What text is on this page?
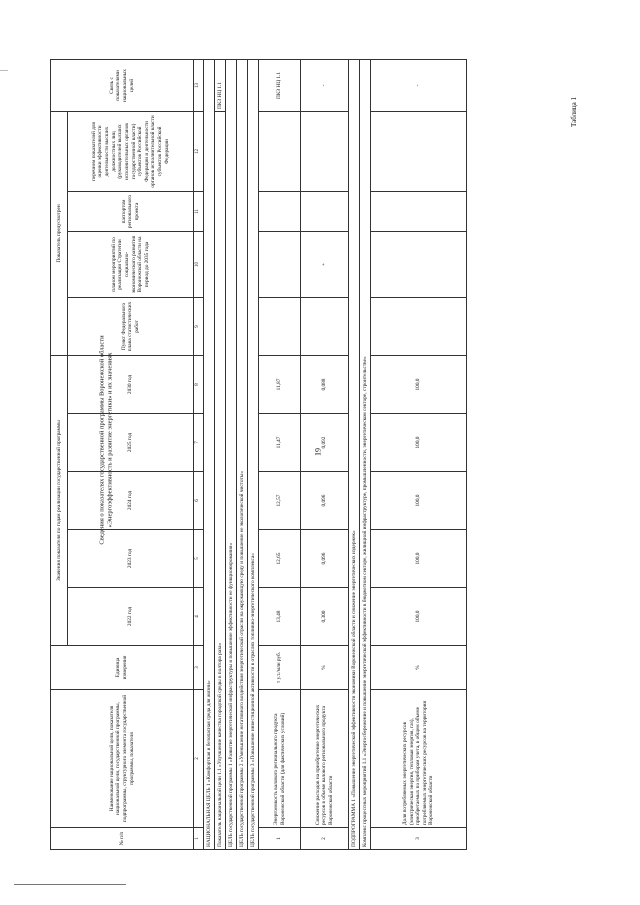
19
Таблица 1
Сведения о показателях государственной программы Воронежской области «Энергоэффективность и развитие энергетики» и их значениях
№ п/п	Наименование национальной цели, показателя национальной цели, государственной программы, подпрограммы, структурного элемента государственной программы, показателя	Единица измерения	Значения показателя по годам реализации государственной программы					Показатель предусмотрен				Связь с показателями национальных целей
			2022 год	2023 год	2024 год	2025 год	2030 год	Пункт Федерального плана статистических работ	планом мероприятий по реализации Стратегии социально-экономического развития Воронежской области на период до 2035 года	паспортом регионального проекта	перечнем показателей для оценки эффективности деятельности высших должностных лиц (руководителей высших исполнительных органов государственной власти) субъектов Российской Федерации и деятельности органов исполнительной власти субъектов Российской Федерации	
1	2	3	4	5	6	7	8	9	10	11	12	13
НАЦИОНАЛЬНАЯ ЦЕЛЬ 1 «Комфортная и безопасная среда для жизни»												
Показатель национальной цели 1.1 «Улучшение качества городской среды в полтора раза»												ПКЗ НЦ 1.1
ЦЕЛЬ государственной программы 1 «Развитие энергетической инфраструктуры и повышение эффективности ее функционирования»												
ЦЕЛЬ государственной программы 2 «Уменьшение негативного воздействия энергетической отрасли на окружающую среду и повышение ее экологической чистоты»												
ЦЕЛЬ государственной программы 3 «Повышение инвестиционной активности в отраслях топливно-энергетического комплекса»												
1	Энергоемкость валового регионального продукта Воронежской области (для фактических условий)	т у.т./млн руб.	13,48	12,65	12,57	11,47	11,87					ПКЗ НЦ 1.1
2	Снижение расходов на приобретение энергетических ресурсов в объеме валового регионального продукта Воронежской области	%	0,300	0,096	0,096	0,092	0,088		+			-
ПОДПРОГРАММА 1 «Повышение энергетической эффективности экономики Воронежской области и снижение энергетических издержек»												
Комплекс процессных мероприятий 1.1 «Энергосбережение и повышение энергетической эффективности в бюджетном секторе, жилищной инфраструктуре, промышленности, энергетическом секторе, строительстве»												
3	Доля потребляемых энергетических ресурсов (электрическая энергия, тепловая энергия, газ), приобретаемых по приборам учета, в общем объеме потребляемых энергетических ресурсов на территории Воронежской области	%	100,0	100,0	100,0	100,0	100,0					-
